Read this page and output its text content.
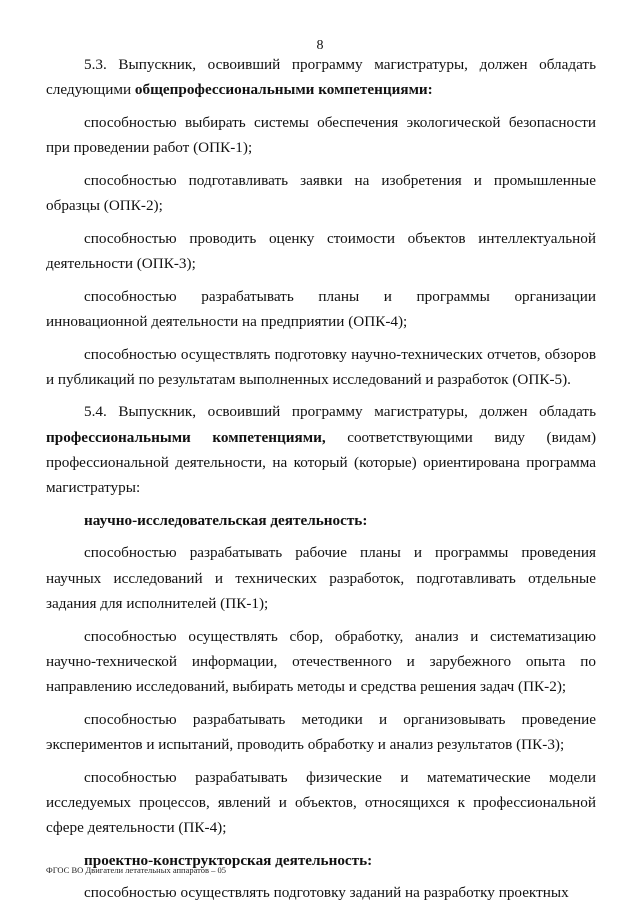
8

5.3. Выпускник, освоивший программу магистратуры, должен обладать следующими общепрофессиональными компетенциями:

способностью выбирать системы обеспечения экологической безопасности при проведении работ (ОПК-1);

способностью подготавливать заявки на изобретения и промышленные образцы (ОПК-2);

способностью проводить оценку стоимости объектов интеллектуальной деятельности (ОПК-3);

способностью разрабатывать планы и программы организации инновационной деятельности на предприятии (ОПК-4);

способностью осуществлять подготовку научно-технических отчетов, обзоров и публикаций по результатам выполненных исследований и разработок (ОПК-5).

5.4. Выпускник, освоивший программу магистратуры, должен обладать профессиональными компетенциями, соответствующими виду (видам) профессиональной деятельности, на который (которые) ориентирована программа магистратуры:

научно-исследовательская деятельность:

способностью разрабатывать рабочие планы и программы проведения научных исследований и технических разработок, подготавливать отдельные задания для исполнителей (ПК-1);

способностью осуществлять сбор, обработку, анализ и систематизацию научно-технической информации, отечественного и зарубежного опыта по направлению исследований, выбирать методы и средства решения задач (ПК-2);

способностью разрабатывать методики и организовывать проведение экспериментов и испытаний, проводить обработку и анализ результатов (ПК-3);

способностью разрабатывать физические и математические модели исследуемых процессов, явлений и объектов, относящихся к профессиональной сфере деятельности (ПК-4);

проектно-конструкторская деятельность:

способностью осуществлять подготовку заданий на разработку проектных

ФГОС ВО Двигатели летательных аппаратов – 05
